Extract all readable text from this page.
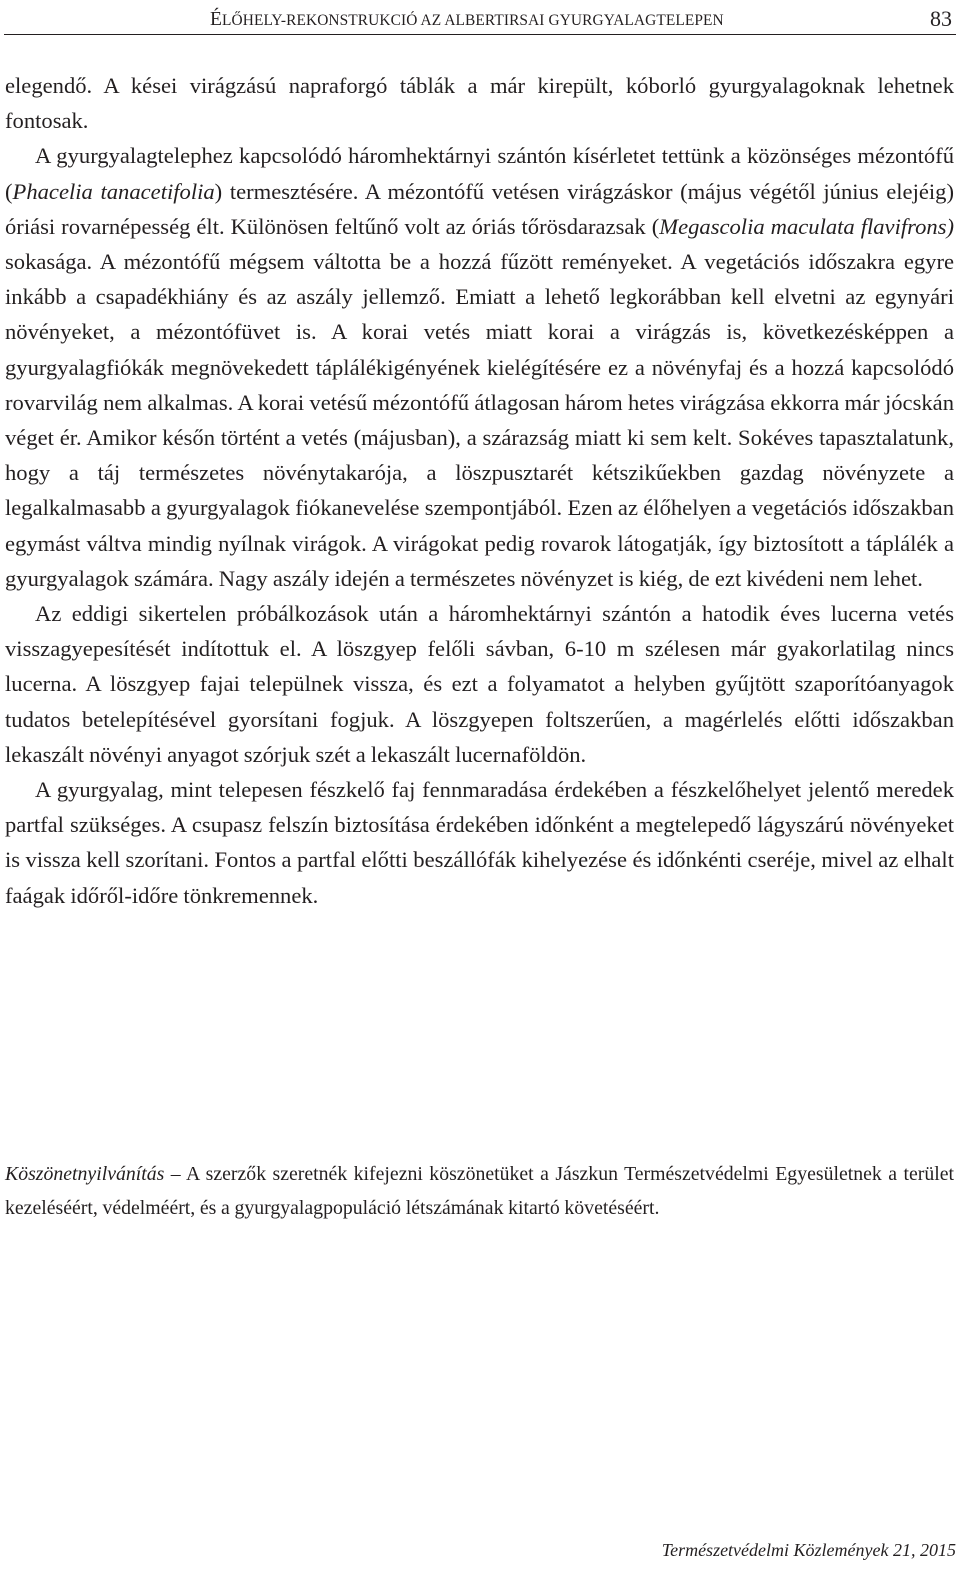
ÉLŐHELY-REKONSTRUKCIÓ AZ ALBERTIRSAI GYURGYALAGTELEPEN	83

elegendő. A kései virágzású napraforgó táblák a már kirepült, kóborló gyurgyalagoknak lehetnek fontosak.

A gyurgyalagtelephez kapcsolódó háromhektárnyi szántón kísérletet tettünk a közönséges mézontófű (Phacelia tanacetifolia) termesztésére. A mézontófű vetésen virágzáskor (május végétől június elejéig) óriási rovarnépesség élt. Különösen feltűnő volt az óriás tőrösdarazsak (Megascolia maculata flavifrons) sokasága. A mézontófű mégsem váltotta be a hozzá fűzött reményeket. A vegetációs időszakra egyre inkább a csapadékhiány és az aszály jellemző. Emiatt a lehető legkorábban kell elvetni az egynyári növényeket, a mézontófüvet is. A korai vetés miatt korai a virágzás is, következésképpen a gyurgyalagfiókák megnövekedett táplálékigényének kielégítésére ez a növényfaj és a hozzá kapcsolódó rovarvilág nem alkalmas. A korai vetésű mézontófű átlagosan három hetes virágzása ekkorra már jócskán véget ér. Amikor későn történt a vetés (májusban), a szárazság miatt ki sem kelt. Sokéves tapasztalatunk, hogy a táj természetes növénytakarója, a löszpusztarét kétszikűekben gazdag növényzete a legalkalmasabb a gyurgyalagok fiókanevelése szempontjából. Ezen az élőhelyen a vegetációs időszakban egymást váltva mindig nyílnak virágok. A virágokat pedig rovarok látogatják, így biztosított a táplálék a gyurgyalagok számára. Nagy aszály idején a természetes növényzet is kiég, de ezt kivédeni nem lehet.

Az eddigi sikertelen próbálkozások után a háromhektárnyi szántón a hatodik éves lucerna vetés visszagyepesítését indítottuk el. A löszgyep felőli sávban, 6-10 m szélesen már gyakorlatilag nincs lucerna. A löszgyep fajai települnek vissza, és ezt a folyamatot a helyben gyűjtött szaporítóanyagok tudatos betelepítésével gyorsítani fogjuk. A löszgyepen foltszerűen, a magérlelés előtti időszakban lekaszált növényi anyagot szórjuk szét a lekaszált lucernaföldön.

A gyurgyalag, mint telepesen fészkelő faj fennmaradása érdekében a fészkelőhelyet jelentő meredek partfal szükséges. A csupasz felszín biztosítása érdekében időnként a megtelepedő lágyszárú növényeket is vissza kell szorítani. Fontos a partfal előtti beszállófák kihelyezése és időnkénti cseréje, mivel az elhalt faágak időről-időre tönkremennek.

Köszönetnyilvánítás – A szerzők szeretnék kifejezni köszönetüket a Jászkun Természetvédelmi Egyesületnek a terület kezeléséért, védelméért, és a gyurgyalagpopuláció létszámának kitartó követéséért.

Természetvédelmi Közlemények 21, 2015
